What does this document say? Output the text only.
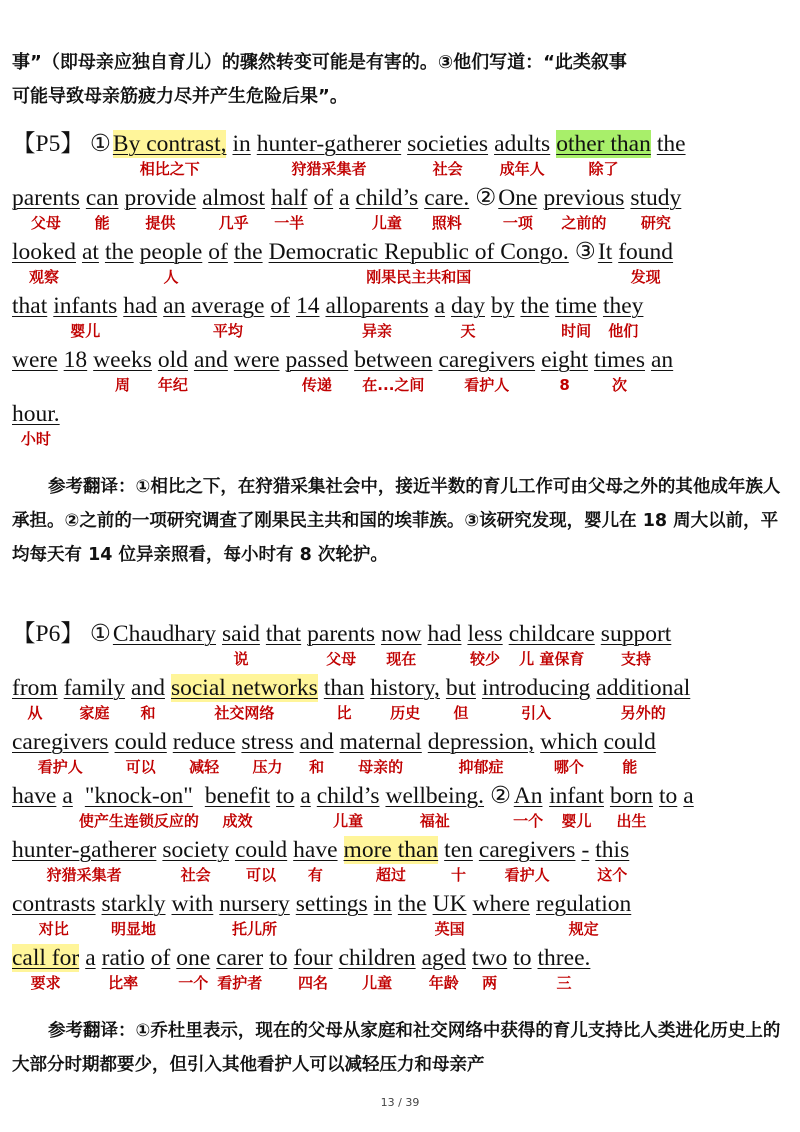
事”（即母亲应独自育儿）的骤然转变可能是有害的。③他们写道：“此类叙事
可能导致母亲筋疲力尽并产生危险后果”。
【P5】 ① By contrast,
相比之下
in hunter-gatherer
狩猎采集者
societies
社会
adults
成年人
other than
除了
the
parents
父母
can
能
provide
提供
almost
几乎
half
一半
of a child’s
儿童
care.
照料
② One
一项
previous
之前的
study
研究
looked
观察
at the people
人
of the Democratic Republic of Congo.
刚果民主共和国
③ It found
发现
that infants
婴儿
had an average
平均
of 14 alloparents
异亲
a day
天
by the time
时间
they
他们
were 18 weeks
周
old
年纪
and were passed
传递
between
在...之间
caregivers
看护人
eight
8
times
次
an
hour.
小时
参考翻译：①相比之下，在狩猎采集社会中，接近半数的育儿工作可由父母之外的其他成年族人承担。②之前的一项研究调查了刚果民主共和国的埃菲族。③该研究发现，婴儿在 18 周大以前，平均每天有 14 位异亲照看，每小时有 8 次轮护。
【P6】 ① Chaudhary said
说
that parents
父母
now
现在
had less
较少
childcare
儿 童保育
support
支持
from
从
family
家庭
and
和
social networks
社交网络
than
比
history,
历史
but
但
introducing
引入
additional
另外的
caregivers
看护人
could
可以
reduce
减轻
stress
压力
and
和
maternal
母亲的
depression,
抑郁症
which
哪个
could
能
have a "knock-on"
使产生连锁反应的
benefit
成效
to a child’s
儿童
wellbeing.
福祉
② An
一个
infant
婴儿
born
出生
to a
hunter-gatherer
狩猎采集者
society
社会
could
可以
have
有
more than
超过
ten
十
caregivers
看护人
- this
这个
contrasts
对比
starkly
明显地
with nursery
托儿所
settings in the UK
英国
where regulation
规定
call for
要求
a ratio
比率
of one
一个
carer
看护者
to four
四名
children
儿童
aged
年龄
two
两
to three.
三
参考翻译：①乔杜里表示，现在的父母从家庭和社交网络中获得的育儿支持比人类进化历史上的大部分时期都要少，但引入其他看护人可以减轻压力和母亲产
13 / 39
